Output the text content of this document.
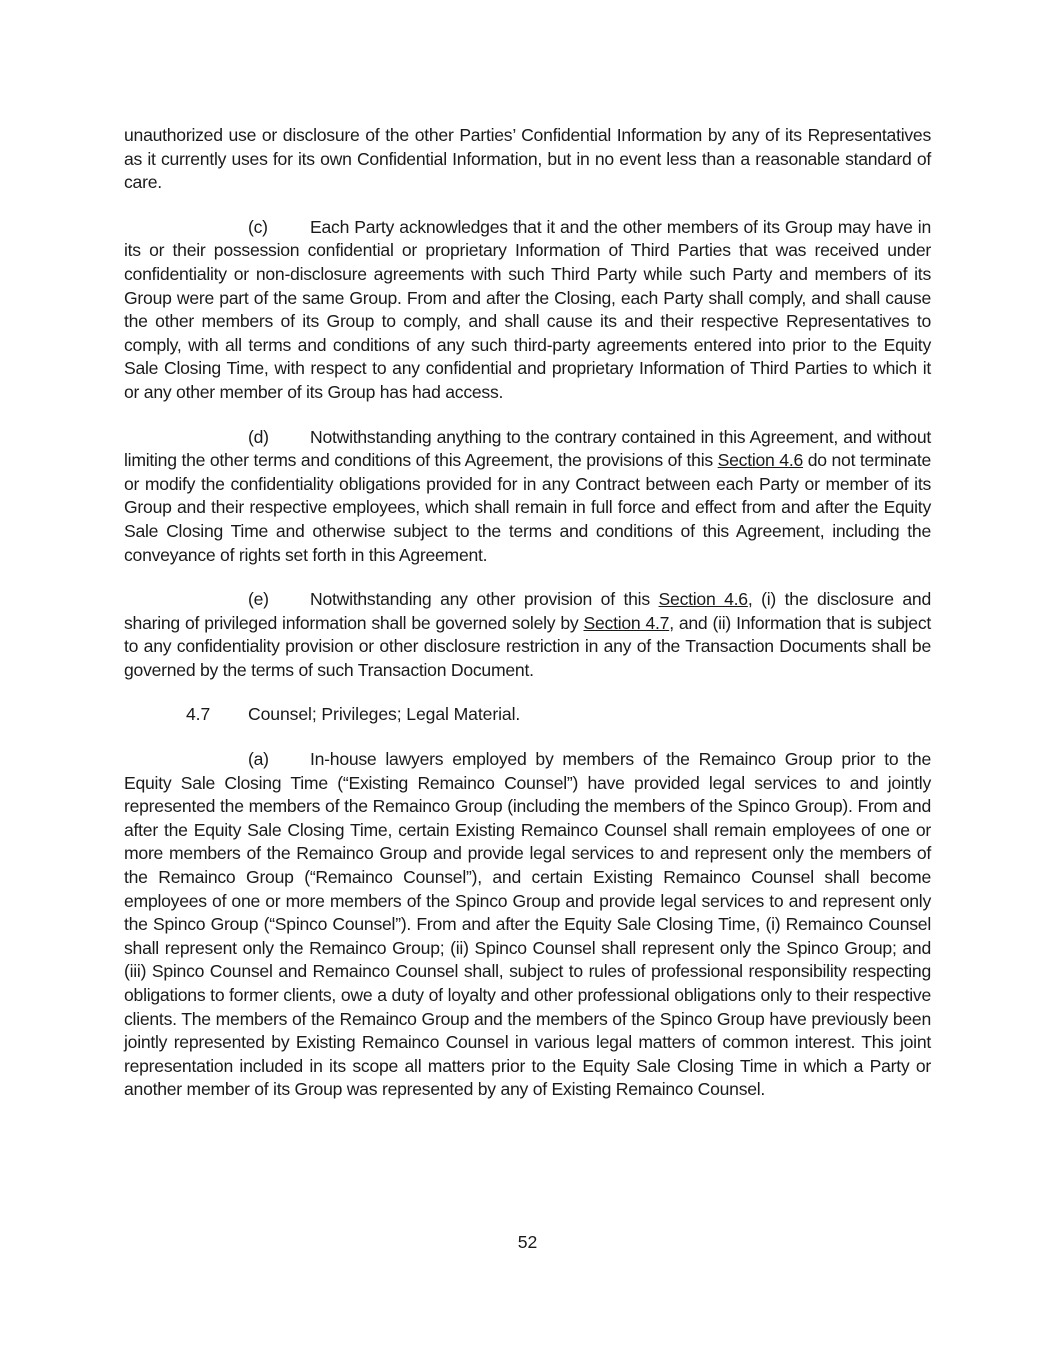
unauthorized use or disclosure of the other Parties’ Confidential Information by any of its Representatives as it currently uses for its own Confidential Information, but in no event less than a reasonable standard of care.

(c) Each Party acknowledges that it and the other members of its Group may have in its or their possession confidential or proprietary Information of Third Parties that was received under confidentiality or non-disclosure agreements with such Third Party while such Party and members of its Group were part of the same Group. From and after the Closing, each Party shall comply, and shall cause the other members of its Group to comply, and shall cause its and their respective Representatives to comply, with all terms and conditions of any such third-party agreements entered into prior to the Equity Sale Closing Time, with respect to any confidential and proprietary Information of Third Parties to which it or any other member of its Group has had access.

(d) Notwithstanding anything to the contrary contained in this Agreement, and without limiting the other terms and conditions of this Agreement, the provisions of this Section 4.6 do not terminate or modify the confidentiality obligations provided for in any Contract between each Party or member of its Group and their respective employees, which shall remain in full force and effect from and after the Equity Sale Closing Time and otherwise subject to the terms and conditions of this Agreement, including the conveyance of rights set forth in this Agreement.

(e) Notwithstanding any other provision of this Section 4.6, (i) the disclosure and sharing of privileged information shall be governed solely by Section 4.7, and (ii) Information that is subject to any confidentiality provision or other disclosure restriction in any of the Transaction Documents shall be governed by the terms of such Transaction Document.

4.7 Counsel; Privileges; Legal Material.

(a) In-house lawyers employed by members of the Remainco Group prior to the Equity Sale Closing Time (“Existing Remainco Counsel”) have provided legal services to and jointly represented the members of the Remainco Group (including the members of the Spinco Group). From and after the Equity Sale Closing Time, certain Existing Remainco Counsel shall remain employees of one or more members of the Remainco Group and provide legal services to and represent only the members of the Remainco Group (“Remainco Counsel”), and certain Existing Remainco Counsel shall become employees of one or more members of the Spinco Group and provide legal services to and represent only the Spinco Group (“Spinco Counsel”). From and after the Equity Sale Closing Time, (i) Remainco Counsel shall represent only the Remainco Group; (ii) Spinco Counsel shall represent only the Spinco Group; and (iii) Spinco Counsel and Remainco Counsel shall, subject to rules of professional responsibility respecting obligations to former clients, owe a duty of loyalty and other professional obligations only to their respective clients. The members of the Remainco Group and the members of the Spinco Group have previously been jointly represented by Existing Remainco Counsel in various legal matters of common interest. This joint representation included in its scope all matters prior to the Equity Sale Closing Time in which a Party or another member of its Group was represented by any of Existing Remainco Counsel.

52
